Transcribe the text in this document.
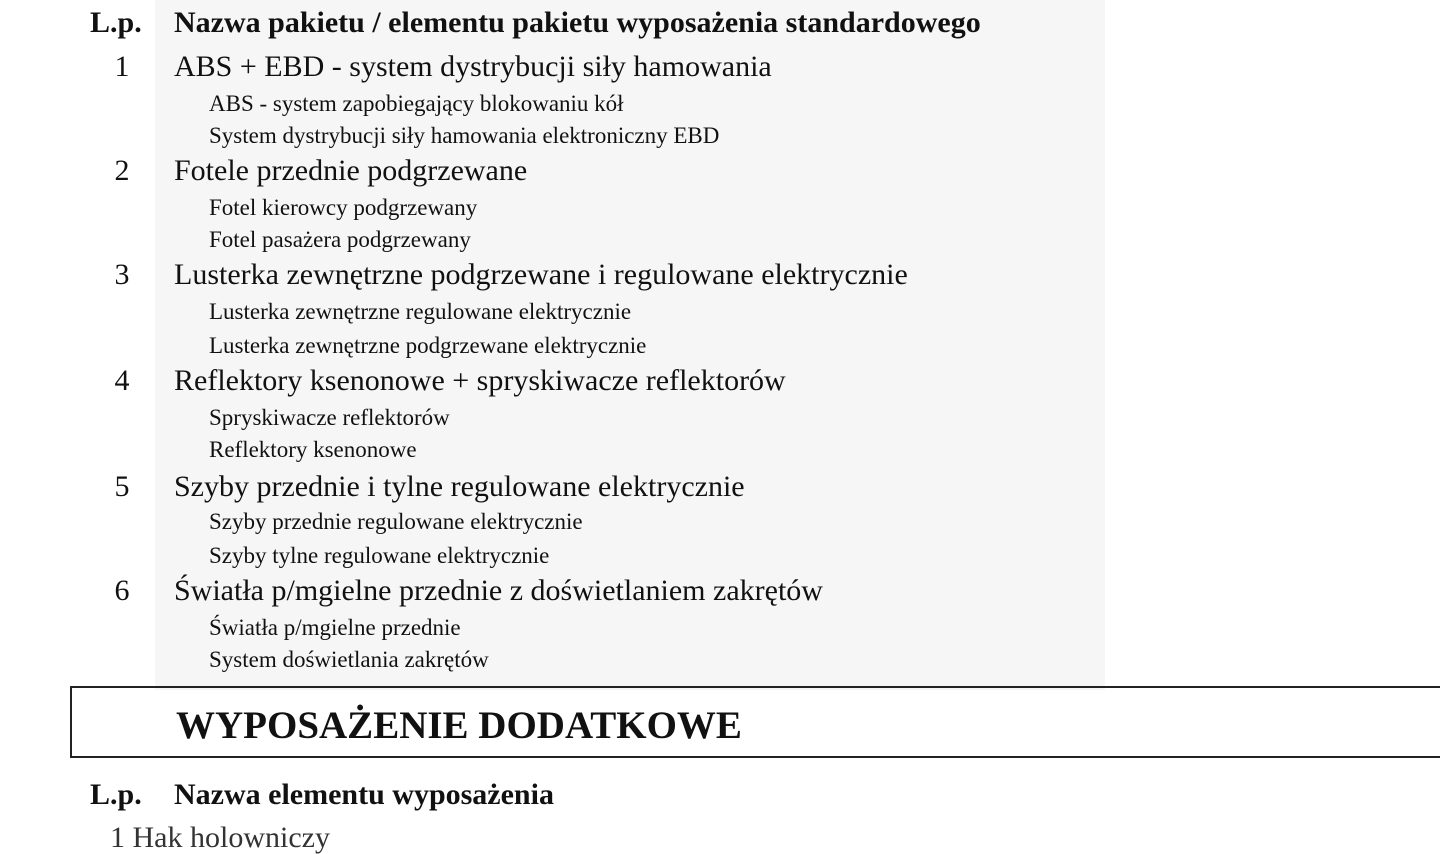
L.p. Nazwa pakietu / elementu pakietu wyposażenia standardowego
1 ABS + EBD - system dystrybucji siły hamowania
ABS - system zapobiegający blokowaniu kół
System dystrybucji siły hamowania elektroniczny EBD
2 Fotele przednie podgrzewane
Fotel kierowcy podgrzewany
Fotel pasażera podgrzewany
3 Lusterka zewnętrzne podgrzewane i regulowane elektrycznie
Lusterka zewnętrzne regulowane elektrycznie
Lusterka zewnętrzne podgrzewane elektrycznie
4 Reflektory ksenonowe + spryskiwacze reflektorów
Spryskiwacze reflektorów
Reflektory ksenonowe
5 Szyby przednie i tylne regulowane elektrycznie
Szyby przednie regulowane elektrycznie
Szyby tylne regulowane elektrycznie
6 Światła p/mgielne przednie z doświetlaniem zakrętów
Światła p/mgielne przednie
System doświetlania zakrętów
WYPOSAŻENIE DODATKOWE
L.p. Nazwa elementu wyposażenia
1 Hak holowniczy
